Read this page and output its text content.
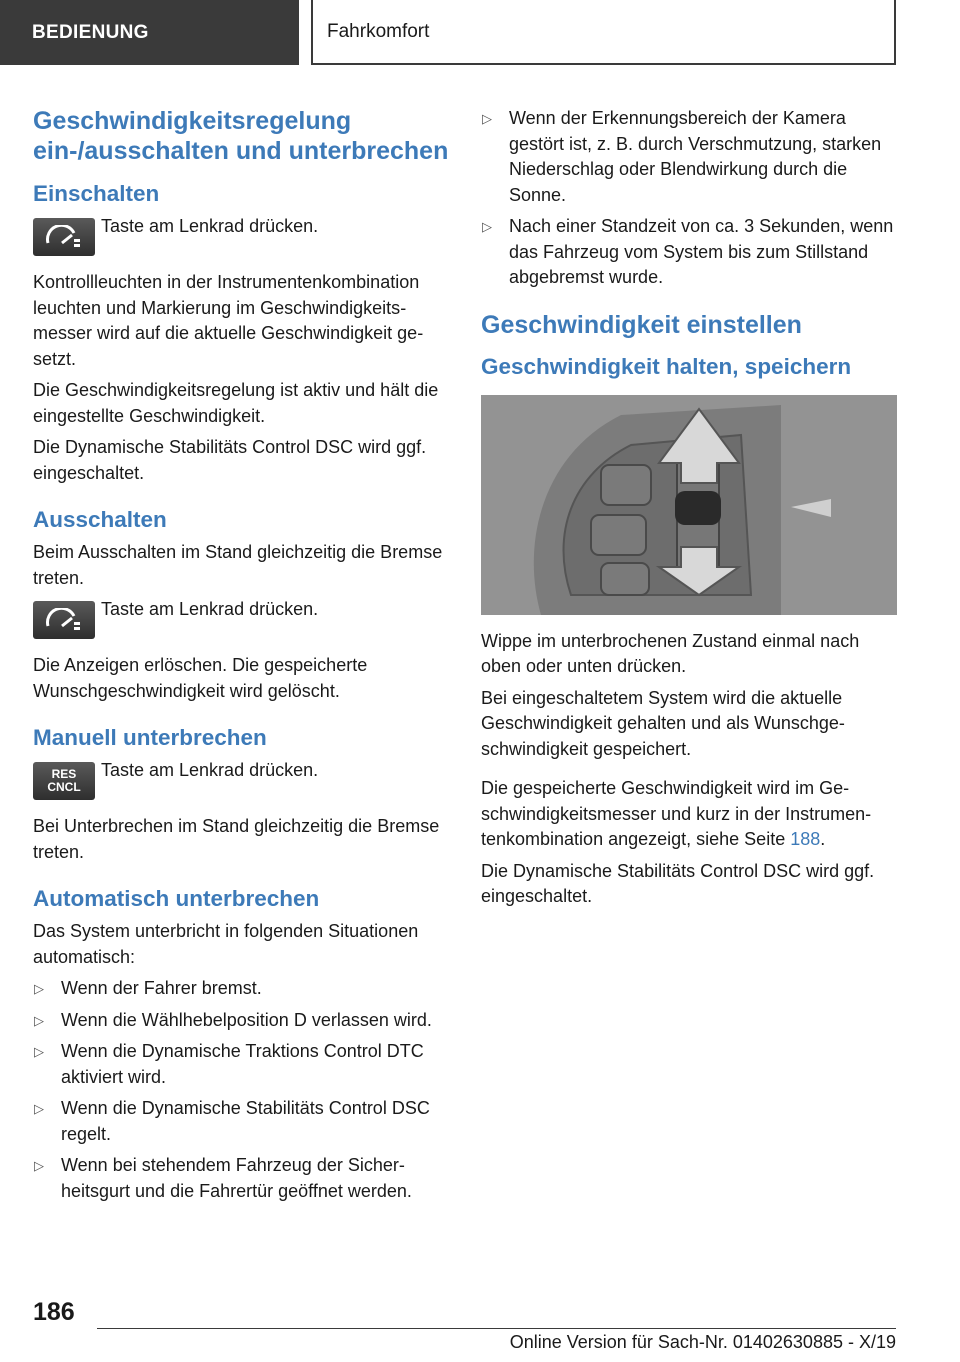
BEDIENUNG	Fahrkomfort
Geschwindigkeitsregelung ein-/ausschalten und unterbrechen
Einschalten

Taste am Lenkrad drücken.

Kontrollleuchten in der Instrumentenkombination leuchten und Markierung im Geschwindigkeitsmesser wird auf die aktuelle Geschwindigkeit gesetzt.

Die Geschwindigkeitsregelung ist aktiv und hält die eingestellte Geschwindigkeit.

Die Dynamische Stabilitäts Control DSC wird ggf. eingeschaltet.

Ausschalten

Beim Ausschalten im Stand gleichzeitig die Bremse treten.

Taste am Lenkrad drücken.

Die Anzeigen erlöschen. Die gespeicherte Wunschgeschwindigkeit wird gelöscht.

Manuell unterbrechen
RES
CNCL

Taste am Lenkrad drücken.

Bei Unterbrechen im Stand gleichzeitig die Bremse treten.

Automatisch unterbrechen

Das System unterbricht in folgenden Situationen automatisch:

▷ Wenn der Fahrer bremst.
▷ Wenn die Wählhebelposition D verlassen wird.
▷ Wenn die Dynamische Traktions Control DTC aktiviert wird.
▷ Wenn die Dynamische Stabilitäts Control DSC regelt.
▷ Wenn bei stehendem Fahrzeug der Sicherheitsgurt und die Fahrertür geöffnet werden.
▷ Wenn der Erkennungsbereich der Kamera gestört ist, z. B. durch Verschmutzung, starken Niederschlag oder Blendwirkung durch die Sonne.
▷ Nach einer Standzeit von ca. 3 Sekunden, wenn das Fahrzeug vom System bis zum Stillstand abgebremst wurde.
Geschwindigkeit einstellen
Geschwindigkeit halten, speichern

Wippe im unterbrochenen Zustand einmal nach oben oder unten drücken.

Bei eingeschaltetem System wird die aktuelle Geschwindigkeit gehalten und als Wunschgeschwindigkeit gespeichert.

Die gespeicherte Geschwindigkeit wird im Geschwindigkeitsmesser und kurz in der Instrumentenkombination angezeigt, siehe Seite 188.

Die Dynamische Stabilitäts Control DSC wird ggf. eingeschaltet.

186
Online Version für Sach-Nr. 01402630885 - X/19
